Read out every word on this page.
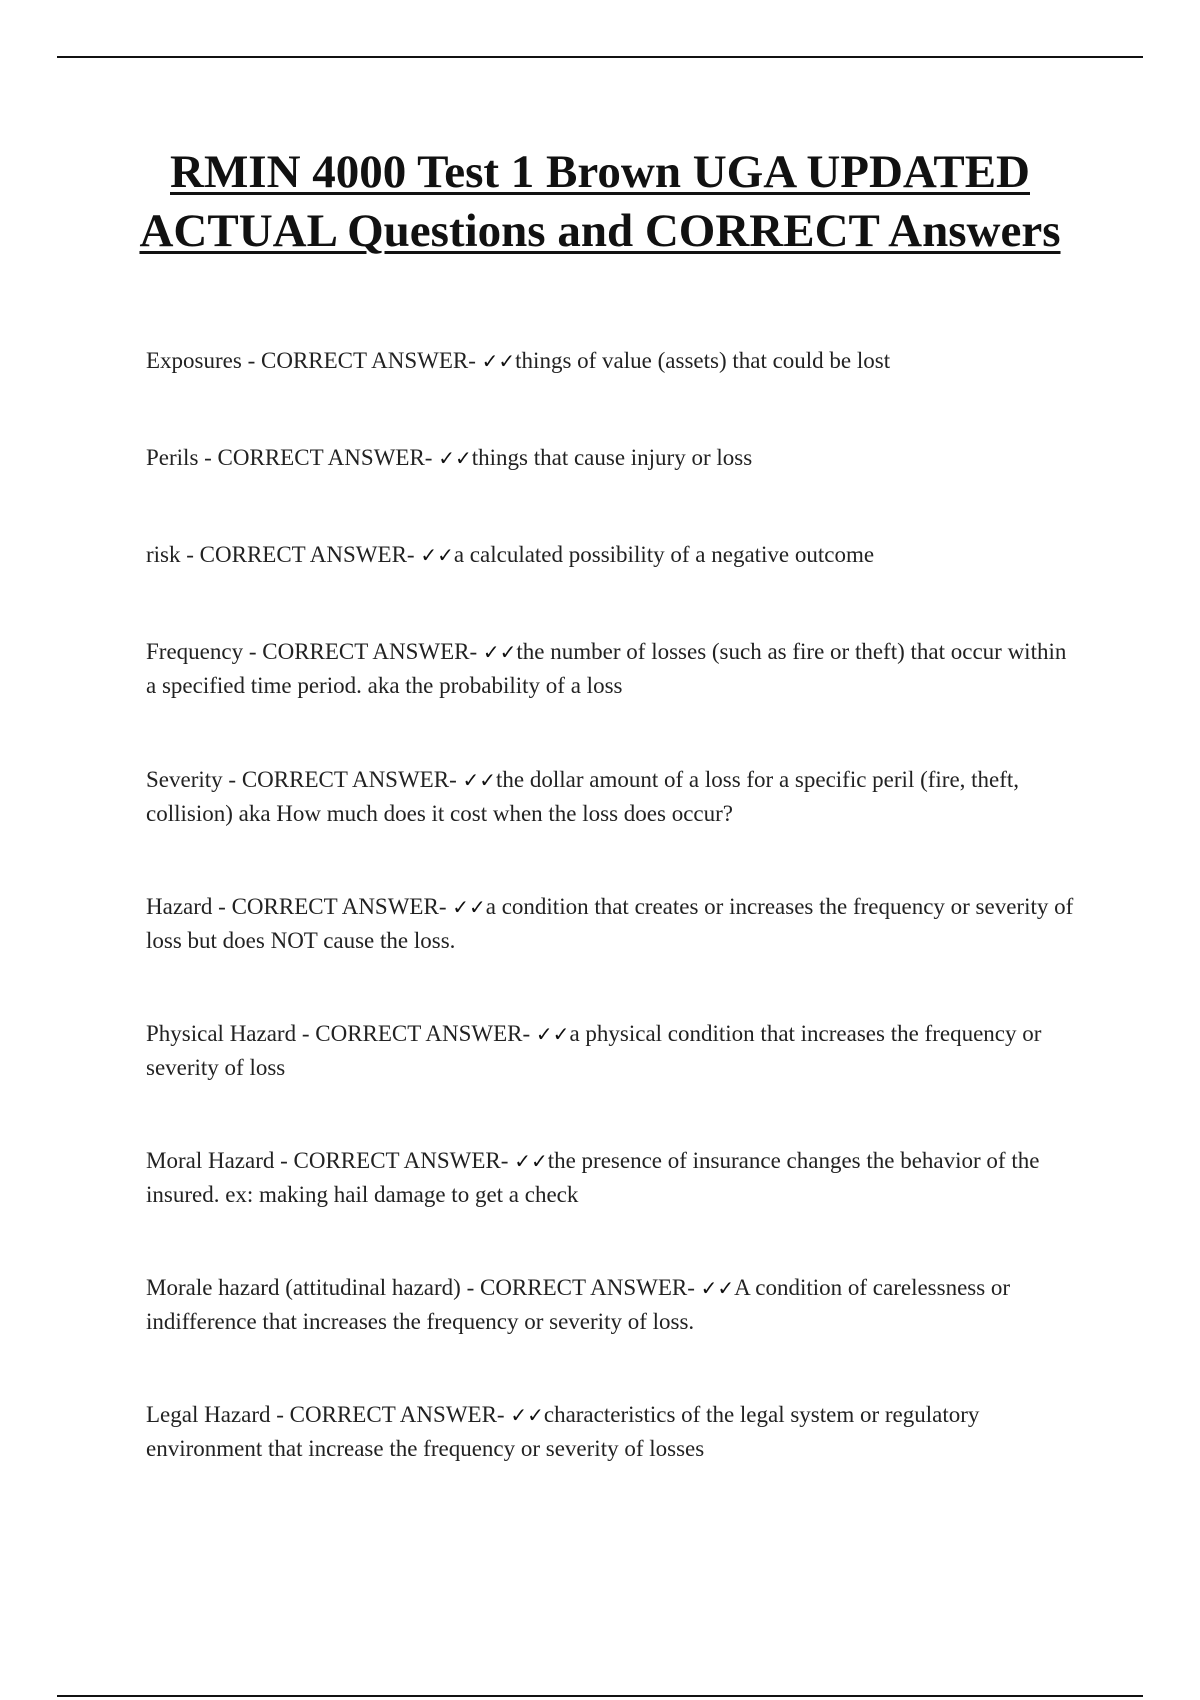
RMIN 4000 Test 1 Brown UGA UPDATED ACTUAL Questions and CORRECT Answers

Exposures - CORRECT ANSWER- ✓✓things of value (assets) that could be lost

Perils - CORRECT ANSWER- ✓✓things that cause injury or loss

risk - CORRECT ANSWER- ✓✓a calculated possibility of a negative outcome

Frequency - CORRECT ANSWER- ✓✓the number of losses (such as fire or theft) that occur within a specified time period. aka the probability of a loss

Severity - CORRECT ANSWER- ✓✓the dollar amount of a loss for a specific peril (fire, theft, collision) aka How much does it cost when the loss does occur?

Hazard - CORRECT ANSWER- ✓✓a condition that creates or increases the frequency or severity of loss but does NOT cause the loss.

Physical Hazard - CORRECT ANSWER- ✓✓a physical condition that increases the frequency or severity of loss

Moral Hazard - CORRECT ANSWER- ✓✓the presence of insurance changes the behavior of the insured. ex: making hail damage to get a check

Morale hazard (attitudinal hazard) - CORRECT ANSWER- ✓✓A condition of carelessness or indifference that increases the frequency or severity of loss.

Legal Hazard - CORRECT ANSWER- ✓✓characteristics of the legal system or regulatory environment that increase the frequency or severity of losses
